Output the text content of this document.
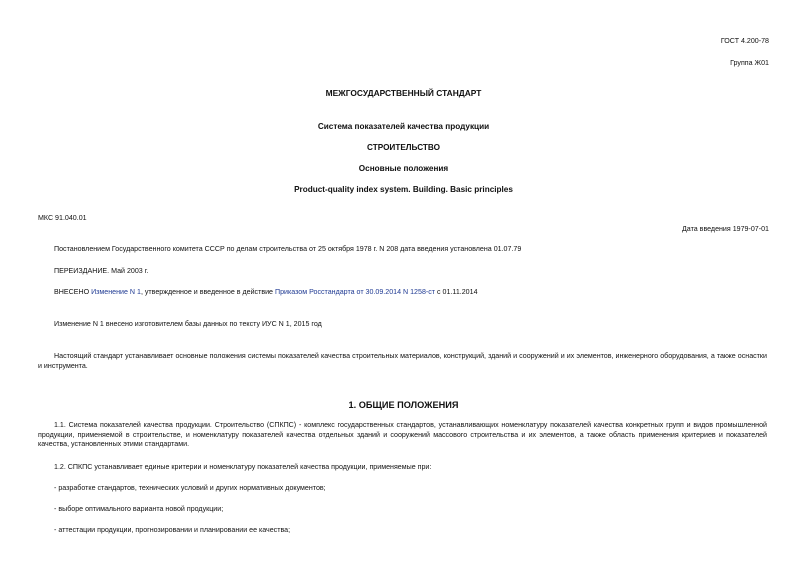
ГОСТ 4.200-78
Группа Ж01
МЕЖГОСУДАРСТВЕННЫЙ СТАНДАРТ
Система показателей качества продукции
СТРОИТЕЛЬСТВО
Основные положения
Product-quality index system. Building. Basic principles
МКС 91.040.01
Дата введения 1979-07-01
Постановлением Государственного комитета СССР по делам строительства от 25 октября 1978 г. N 208 дата введения установлена 01.07.79
ПЕРЕИЗДАНИЕ. Май 2003 г.
ВНЕСЕНО Изменение N 1, утвержденное и введенное в действие Приказом Росстандарта от 30.09.2014 N 1258-ст с 01.11.2014
Изменение N 1 внесено изготовителем базы данных по тексту ИУС N 1, 2015 год
Настоящий стандарт устанавливает основные положения системы показателей качества строительных материалов, конструкций, зданий и сооружений и их элементов, инженерного оборудования, а также оснастки и инструмента.
1. ОБЩИЕ ПОЛОЖЕНИЯ
1.1. Система показателей качества продукции. Строительство (СПКПС) - комплекс государственных стандартов, устанавливающих номенклатуру показателей качества конкретных групп и видов промышленной продукции, применяемой в строительстве, и номенклатуру показателей качества отдельных зданий и сооружений массового строительства и их элементов, а также область применения критериев и показателей качества, установленных этими стандартами.
1.2. СПКПС устанавливает единые критерии и номенклатуру показателей качества продукции, применяемые при:
- разработке стандартов, технических условий и других нормативных документов;
- выборе оптимального варианта новой продукции;
- аттестации продукции, прогнозировании и планировании ее качества;
